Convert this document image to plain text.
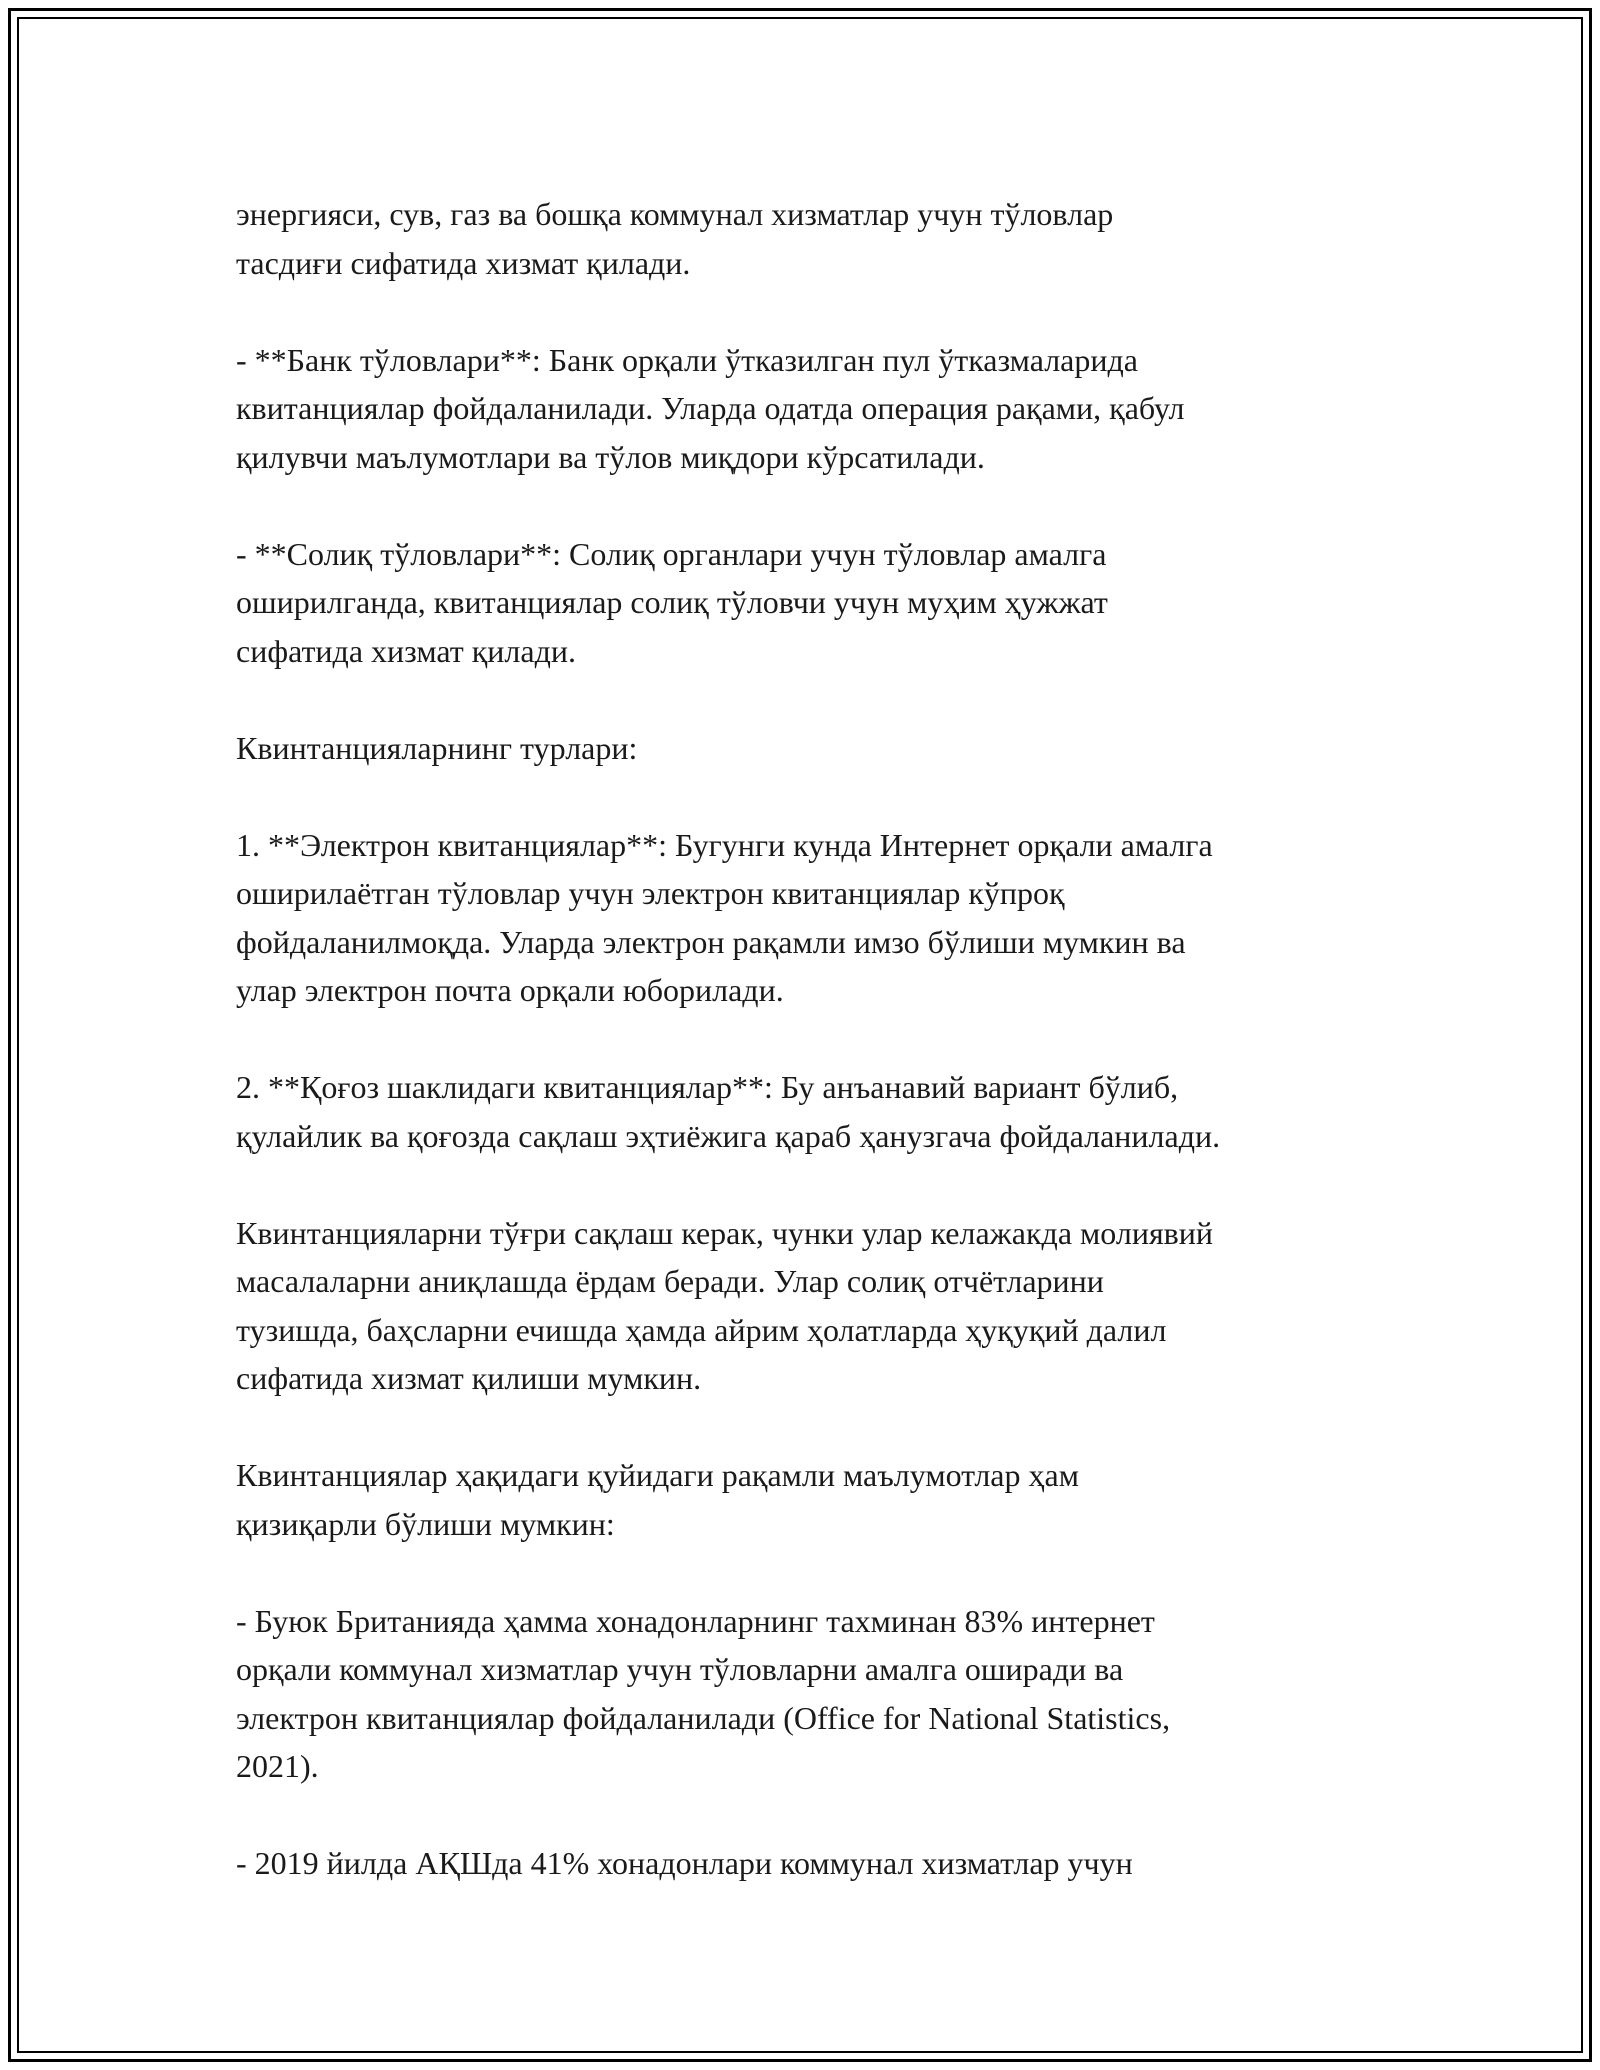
энергияси, сув, газ ва бошқа коммунал хизматлар учун тўловлар
тасдиғи сифатида хизмат қилади.

- **Банк тўловлари**: Банк орқали ўтказилган пул ўтказмаларида
квитанциялар фойдаланилади. Уларда одатда операция рақами, қабул
қилувчи маълумотлари ва тўлов миқдори кўрсатилади.

- **Солиқ тўловлари**: Солиқ органлари учун тўловлар амалга
оширилганда, квитанциялар солиқ тўловчи учун муҳим ҳужжат
сифатида хизмат қилади.

Квинтанцияларнинг турлари:

1. **Электрон квитанциялар**: Бугунги кунда Интернет орқали амалга
оширилаётган тўловлар учун электрон квитанциялар кўпроқ
фойдаланилмоқда. Уларда электрон рақамли имзо бўлиши мумкин ва
улар электрон почта орқали юборилади.

2. **Қоғоз шаклидаги квитанциялар**: Бу анъанавий вариант бўлиб,
қулайлик ва қоғозда сақлаш эҳтиёжига қараб ҳанузгача фойдаланилади.

Квинтанцияларни тўғри сақлаш керак, чунки улар келажакда молиявий
масалаларни аниқлашда ёрдам беради. Улар солиқ отчётларини
тузишда, баҳсларни ечишда ҳамда айрим ҳолатларда ҳуқуқий далил
сифатида хизмат қилиши мумкин.

Квинтанциялар ҳақидаги қуйидаги рақамли маълумотлар ҳам
қизиқарли бўлиши мумкин:

- Буюк Британияда ҳамма хонадонларнинг тахминан 83% интернет
орқали коммунал хизматлар учун тўловларни амалга оширади ва
электрон квитанциялар фойдаланилади (Office for National Statistics,
2021).

- 2019 йилда АҚШда 41% хонадонлари коммунал хизматлар учун
